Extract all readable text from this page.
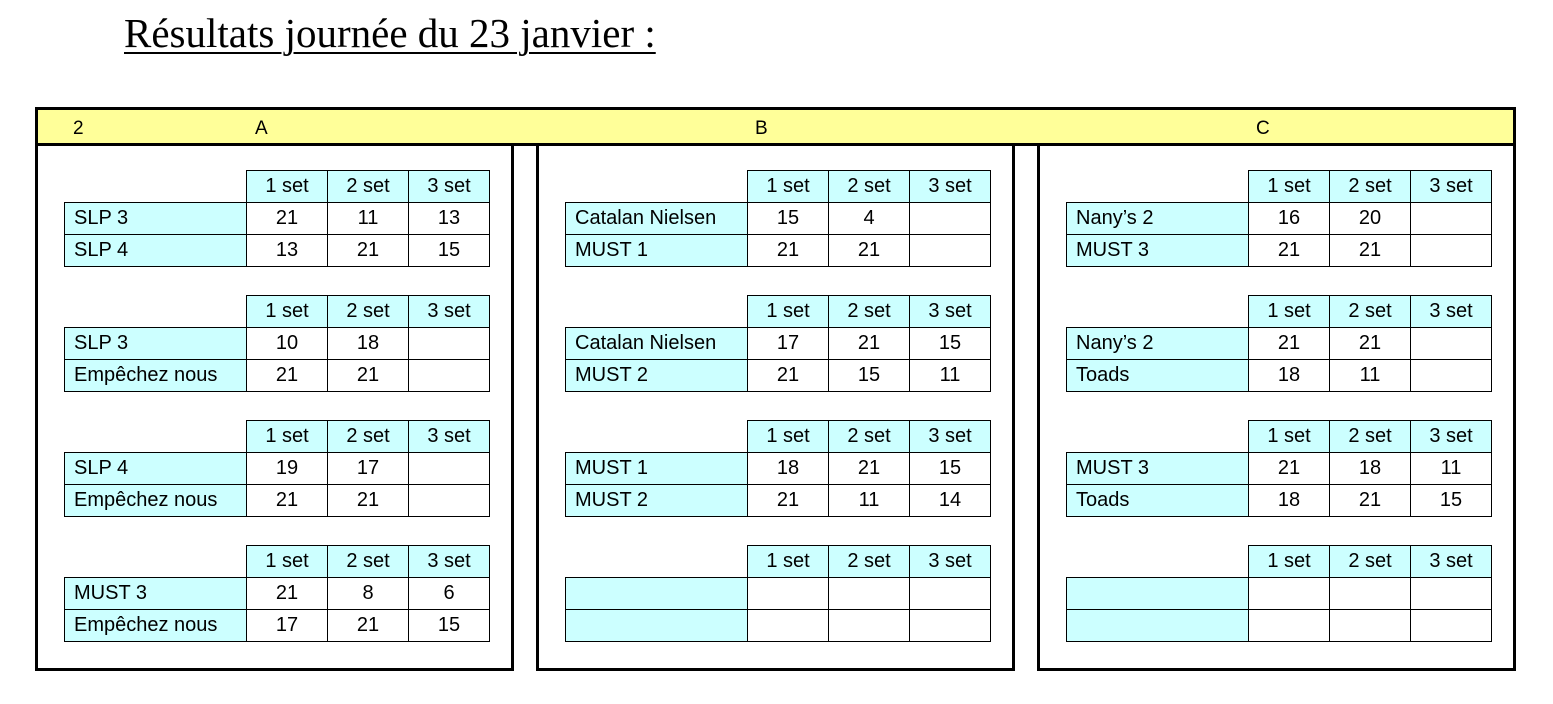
Résultats journée du 23 janvier :
2	A	B	C
	1 set	2 set	3 set
SLP 3	21	11	13
SLP 4	13	21	15
	1 set	2 set	3 set
SLP 3	10	18	
Empêchez nous	21	21	
	1 set	2 set	3 set
SLP 4	19	17	
Empêchez nous	21	21	
	1 set	2 set	3 set
MUST 3	21	8	6
Empêchez nous	17	21	15
	1 set	2 set	3 set
Catalan Nielsen	15	4	
MUST 1	21	21	
	1 set	2 set	3 set
Catalan Nielsen	17	21	15
MUST 2	21	15	11
	1 set	2 set	3 set
MUST 1	18	21	15
MUST 2	21	11	14
	1 set	2 set	3 set

	1 set	2 set	3 set
Nany’s 2	16	20	
MUST 3	21	21	
	1 set	2 set	3 set
Nany’s 2	21	21	
Toads	18	11	
	1 set	2 set	3 set
MUST 3	21	18	11
Toads	18	21	15
	1 set	2 set	3 set
